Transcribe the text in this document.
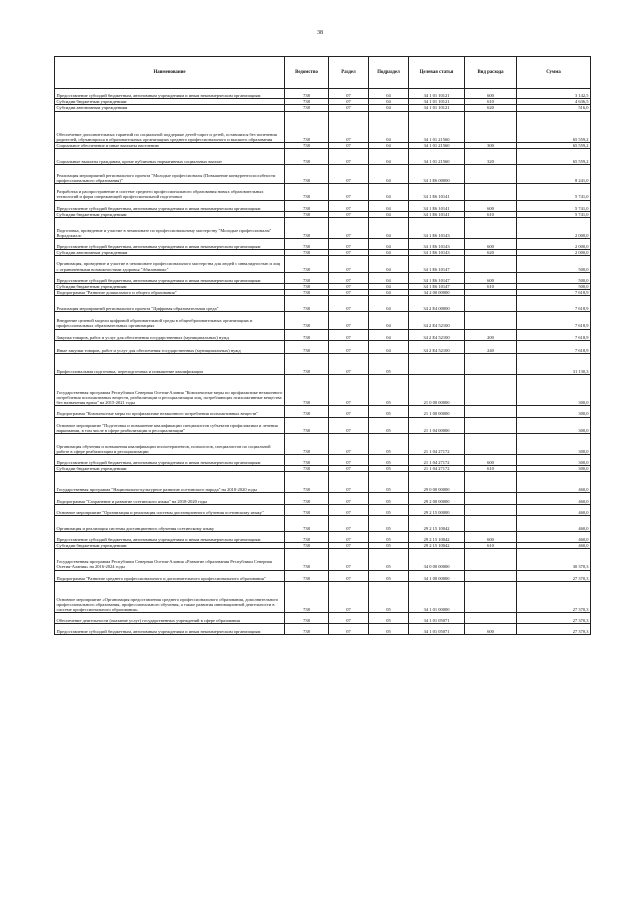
38
Наименование	Ведомство	Раздел	Подраздел	Целевая статья	Вид расхода	Сумма
Предоставление субсидий бюджетным, автономным учреждениям и иным некоммерческим организациям	738	07	04	34 1 01 10121	600	3 142,5
Субсидии бюджетным учреждениям	738	07	04	34 1 01 10121	610	4 636,5
Субсидии автономным учреждениям	738	07	04	34 1 01 10121	620	516,0
Обеспечение дополнительных гарантий по социальной поддержке детей-сирот и детей, оставшихся без попечения родителей, обучающихся в образовательных организациях среднего профессионального и высшего образования	738	07	04	34 1 01 21560		65 559,2
Социальное обеспечение и иные выплаты населению	738	07	04	34 1 01 21560	300	65 559,2
Социальные выплаты гражданам, кроме публичных нормативных социальных выплат	738	07	04	34 1 01 21560	320	65 559,2
Реализация мероприятий регионального проекта "Молодые профессионалы (Повышение конкурентоспособности профессионального образования)"	738	07	04	34 1 E6 00000		8 241,0
Разработка и распространение в системе среднего профессионального образования новых образовательных технологий и форм опережающей профессиональной подготовки	738	07	04	34 1 E6 10141		5 741,0
Предоставление субсидий бюджетным, автономным учреждениям и иным некоммерческим организациям	738	07	04	34 1 E6 10141	600	5 741,0
Субсидии бюджетным учреждениям	738	07	04	34 1 E6 10141	610	5 741,0
Подготовка, проведение и участие в чемпионате по профессиональному мастерству "Молодые профессионалы" Ворлдскиллс	738	07	04	34 1 E6 10143		2 000,0
Предоставление субсидий бюджетным, автономным учреждениям и иным некоммерческим организациям	738	07	04	34 1 E6 10143	600	2 000,0
Субсидии автономным учреждениям	738	07	04	34 1 E6 10143	620	2 000,0
Организация, проведение и участие в чемпионате профессионального мастерства для людей с инвалидностью и лиц с ограниченными возможностями здоровья "Абилимпикс"	738	07	04	34 1 E6 10147		500,0
Предоставление субсидий бюджетным, автономным учреждениям и иным некоммерческим организациям	738	07	04	34 1 E6 10147	600	500,0
Субсидии бюджетным учреждениям	738	07	04	34 1 E6 10147	610	500,0
Подпрограмма "Развитие дошкольного и общего образования"	738	07	04	34 2 00 00000		7 618,9
Реализация мероприятий регионального проекта "Цифровая образовательная среда"	738	07	04	34 2 E4 00000		7 618,9
Внедрение целевой модели цифровой образовательной среды в общеобразовательных организациях и профессиональных образовательных организациях	738	07	04	34 2 E4 52100		7 618,9
Закупка товаров, работ и услуг для обеспечения государственных (муниципальных) нужд	738	07	04	34 2 E4 52100	200	7 618,9
Иные закупки товаров, работ и услуг для обеспечения государственных (муниципальных) нужд	738	07	04	34 2 E4 52100	240	7 618,9
Профессиональная подготовка, переподготовка и повышение квалификации	738	07	05			31 130,3
Государственная программа Республики Северная Осетия-Алания "Комплексные меры по профилактике незаконного потребления психоактивных веществ, реабилитации и ресоциализации лиц, потребляющих психоактивные вещества без назначения врача" на 2015-2021 годы	738	07	05	21 0 00 00000		300,0
Подпрограмма "Комплексные меры по профилактике незаконного потребления психоактивных веществ"	738	07	05	21 1 00 00000		300,0
Основное мероприятие "Подготовка и повышение квалификации специалистов субъектов профилактики и лечения наркомании, в том числе в сфере реабилитации и ресоциализации"	738	07	05	21 1 04 00000		300,0
Организация обучения и повышения квалификации психотерапевтов, психологов, специалистов по социальной работе в сфере реабилитации и ресоциализации	738	07	05	21 1 04 27172		300,0
Предоставление субсидий бюджетным, автономным учреждениям и иным некоммерческим организациям	738	07	05	21 1 04 27172	600	300,0
Субсидии бюджетным учреждениям	738	07	05	21 1 04 27172	610	300,0
Государственная программа "Национально-культурное развитие осетинского народа" на 2018-2020 годы	738	07	05	29 0 00 00000		460,0
Подпрограмма "Сохранение и развитие осетинского языка" на 2018-2020 годы	738	07	05	29 2 00 00000		460,0
Основное мероприятие "Организация и реализация системы дистанционного обучения осетинскому языку"	738	07	05	29 2 15 00000		460,0
Организация и реализация системы дистанционного обучения осетинскому языку	738	07	05	29 2 15 10042		460,0
Предоставление субсидий бюджетным, автономным учреждениям и иным некоммерческим организациям	738	07	05	29 2 15 10042	600	460,0
Субсидии бюджетным учреждениям	738	07	05	29 2 15 10042	610	460,0
Государственная программа Республики Северная Осетия-Алания «Развитие образования Республики Северная Осетия-Алания» на 2016-2024 годы	738	07	05	34 0 00 00000		30 370,3
Подпрограмма "Развитие среднего профессионального и дополнительного профессионального образования"	738	07	05	34 1 00 00000		27 370,3
Основное мероприятие «Организация предоставления среднего профессионального образования, дополнительного профессионального образования, профессионального обучения, а также развития инновационной деятельности в системе профессионального образования»	738	07	05	34 1 01 00000		27 370,3
Обеспечение деятельности (оказание услуг) государственных учреждений в сфере образования	738	07	05	34 1 01 05071		27 370,3
Предоставление субсидий бюджетным, автономным учреждениям и иным некоммерческим организациям	738	07	05	34 1 01 05071	600	27 370,3
